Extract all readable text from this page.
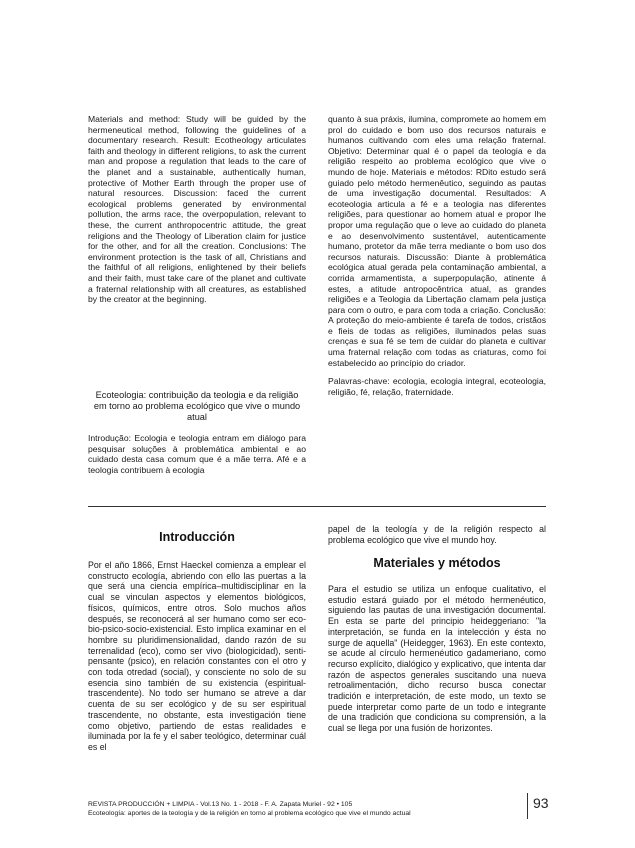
Materials and method: Study will be guided by the hermeneutical method, following the guidelines of a documentary research. Result: Ecotheology articulates faith and theology in different religions, to ask the current man and propose a regulation that leads to the care of the planet and a sustainable, authentically human, protective of Mother Earth through the proper use of natural resources. Discussion: faced the current ecological problems generated by environmental pollution, the arms race, the overpopulation, relevant to these, the current anthropocentric attitude, the great religions and the Theology of Liberation claim for justice for the other, and for all the creation. Conclusions: The environment protection is the task of all, Christians and the faithful of all religions, enlightened by their beliefs and their faith, must take care of the planet and cultivate a fraternal relationship with all creatures, as established by the creator at the beginning.

Ecoteologia: contribuição da teologia e da religião em torno ao problema ecológico que vive o mundo atual

Introdução: Ecologia e teologia entram em diálogo para pesquisar soluções à problemática ambiental e ao cuidado desta casa comum que é a mãe terra. Afé e a teologia contribuem à ecologia

quanto à sua práxis, ilumina, compromete ao homem em prol do cuidado e bom uso dos recursos naturais e humanos cultivando com eles uma relação fraternal. Objetivo: Determinar qual é o papel da teologia e da religião respeito ao problema ecológico que vive o mundo de hoje. Materiais e métodos: RDito estudo será guiado pelo método hermenêutico, seguindo as pautas de uma investigação documental. Resultados: A ecoteologia articula a fé e a teologia nas diferentes religiões, para questionar ao homem atual e propor lhe propor uma regulação que o leve ao cuidado do planeta e ao desenvolvimento sustentável, autenticamente humano, protetor da mãe terra mediante o bom uso dos recursos naturais. Discussão: Diante à problemática ecológica atual gerada pela contaminação ambiental, a corrida armamentista, a superpopulação, atinente á estes, a atitude antropocêntrica atual, as grandes religiões e a Teologia da Libertação clamam pela justiça para com o outro, e para com toda a criação. Conclusão: A proteção do meio-ambiente é tarefa de todos, cristãos e fieis de todas as religiões, iluminados pelas suas crenças e sua fé se tem de cuidar do planeta e cultivar uma fraternal relação com todas as criaturas, como foi estabelecido ao princípio do criador.

Palavras-chave: ecologia, ecologia integral, ecoteologia, religião, fé, relação, fraternidade.

Introducción

Por el año 1866, Ernst Haeckel comienza a emplear el constructo ecología, abriendo con ello las puertas a la que será una ciencia empírica–multidisciplinar en la cual se vinculan aspectos y elementos biológicos, físicos, químicos, entre otros. Solo muchos años después, se reconocerá al ser humano como ser eco-bio-psico-socio-existencial. Esto implica examinar en el hombre su pluridimensionalidad, dando razón de su terrenalidad (eco), como ser vivo (biologicidad), senti-pensante (psico), en relación constantes con el otro y con toda otredad (social), y consciente no solo de su esencia sino también de su existencia (espiritual-trascendente). No todo ser humano se atreve a dar cuenta de su ser ecológico y de su ser espiritual trascendente, no obstante, esta investigación tiene como objetivo, partiendo de estas realidades e iluminada por la fe y el saber teológico, determinar cuál es el

papel de la teología y de la religión respecto al problema ecológico que vive el mundo hoy.

Materiales y métodos

Para el estudio se utiliza un enfoque cualitativo, el estudio estará guiado por el método hermenéutico, siguiendo las pautas de una investigación documental. En esta se parte del principio heideggeriano: "la interpretación, se funda en la intelección y ésta no surge de aquella" (Heidegger, 1963). En este contexto, se acude al círculo hermenéutico gadameriano, como recurso explícito, dialógico y explicativo, que intenta dar razón de aspectos generales suscitando una nueva retroalimentación, dicho recurso busca conectar tradición e interpretación, de este modo, un texto se puede interpretar como parte de un todo e integrante de una tradición que condiciona su comprensión, a la cual se llega por una fusión de horizontes.

REVISTA PRODUCCIÓN + LIMPIA - Vol.13 No. 1 - 2018 - F. A. Zapata Muriel - 92 • 105
Ecoteología: aportes de la teología y de la religión en torno al problema ecológico que vive el mundo actual
93
